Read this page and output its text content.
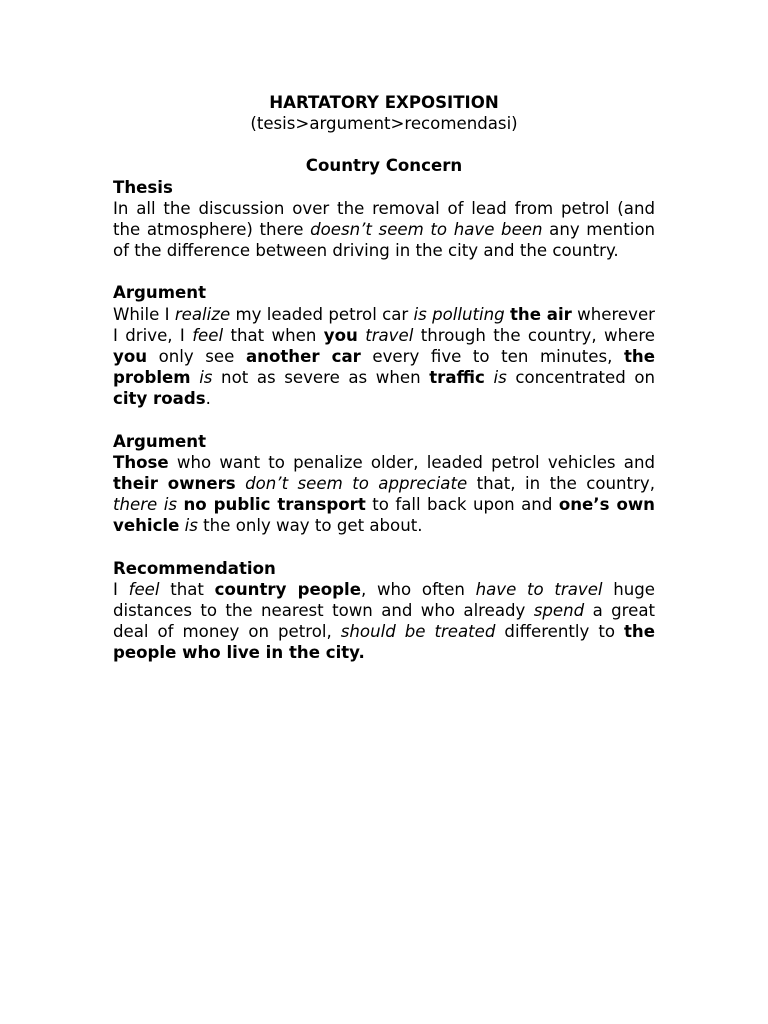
HARTATORY EXPOSITION

(tesis>argument>recomendasi)

Country Concern

Thesis

In all the discussion over the removal of lead from petrol (and the atmosphere) there doesn’t seem to have been any mention of the difference between driving in the city and the country.

Argument

While I realize my leaded petrol car is polluting the air wherever I drive, I feel that when you travel through the country, where you only see another car every five to ten minutes, the problem is not as severe as when traffic is concentrated on city roads.

Argument

Those who want to penalize older, leaded petrol vehicles and their owners don’t seem to appreciate that, in the country, there is no public transport to fall back upon and one’s own vehicle is the only way to get about.

Recommendation

I feel that country people, who often have to travel huge distances to the nearest town and who already spend a great deal of money on petrol, should be treated differently to the people who live in the city.
